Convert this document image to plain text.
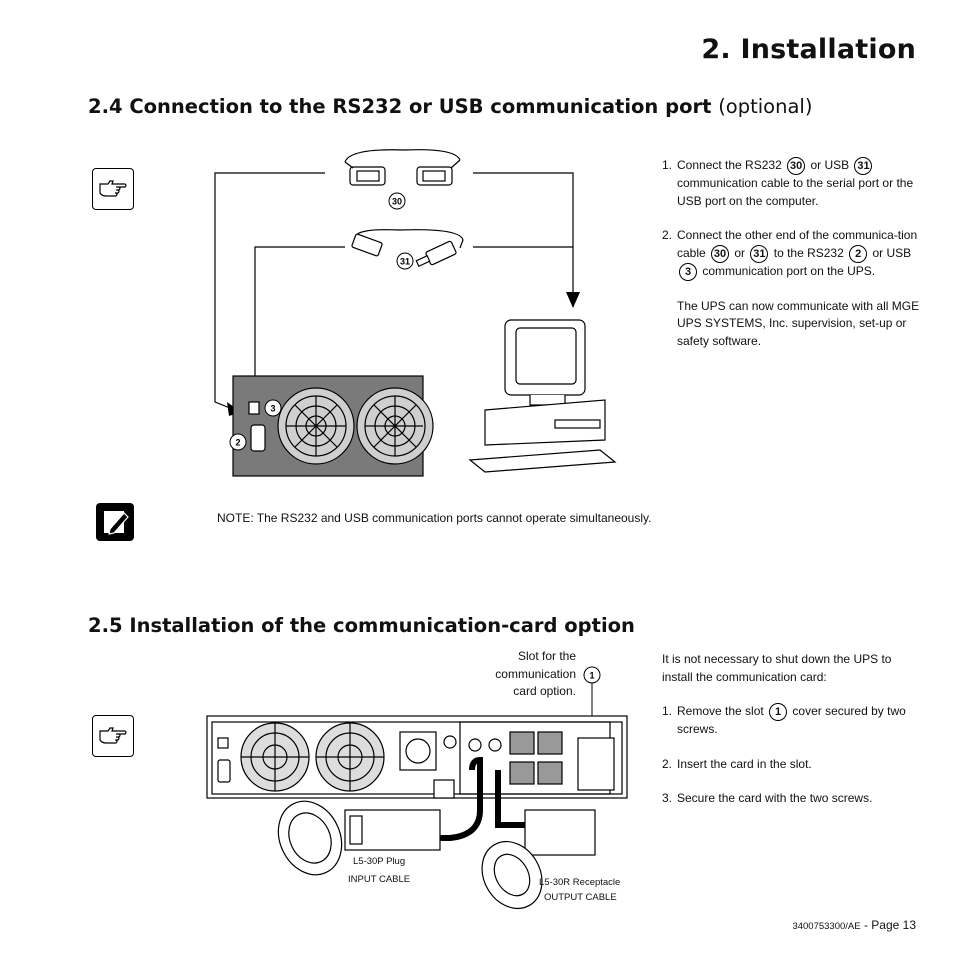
2. Installation
2.4 Connection to the RS232 or USB communication port (optional)
30
31
3
2
1. Connect the RS232 30 or USB 31
communication cable to the serial port or the USB port on the computer.
2. Connect the other end of the communica-tion cable 30 or 31 to the RS232 2 or USB 3 communication port on the UPS.

The UPS can now communicate with all MGE UPS SYSTEMS, Inc. supervision, set-up or safety software.

NOTE: The RS232 and USB communication ports cannot operate simultaneously.
2.5 Installation of the communication-card option
Slot for the
communication
card option.
1
L5-30P Plug
INPUT CABLE	L5-30R Receptacle
OUTPUT CABLE

It is not necessary to shut down the UPS to install the communication card:

1. Remove the slot 1 cover secured by two screws.
2. Insert the card in the slot.
3. Secure the card with the two screws.
3400753300/AE - Page 13
